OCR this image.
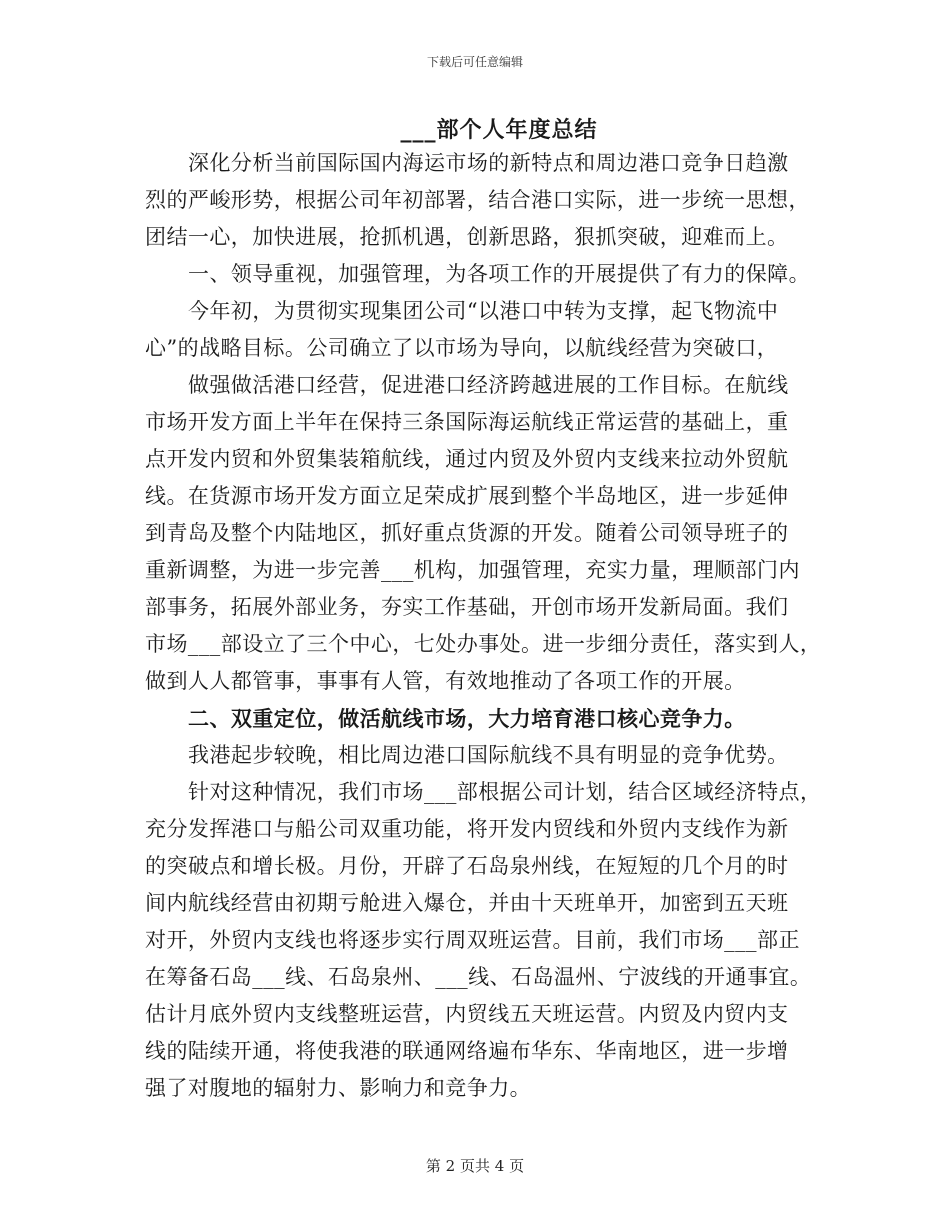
下载后可任意编辑
___部个人年度总结
深化分析当前国际国内海运市场的新特点和周边港口竞争日趋激
烈的严峻形势，根据公司年初部署，结合港口实际，进一步统一思想，
团结一心，加快进展，抢抓机遇，创新思路，狠抓突破，迎难而上。
一、领导重视，加强管理，为各项工作的开展提供了有力的保障。
今年初，为贯彻实现集团公司“以港口中转为支撑，起飞物流中
心”的战略目标。公司确立了以市场为导向，以航线经营为突破口，
做强做活港口经营，促进港口经济跨越进展的工作目标。在航线
市场开发方面上半年在保持三条国际海运航线正常运营的基础上，重
点开发内贸和外贸集装箱航线，通过内贸及外贸内支线来拉动外贸航
线。在货源市场开发方面立足荣成扩展到整个半岛地区，进一步延伸
到青岛及整个内陆地区，抓好重点货源的开发。随着公司领导班子的
重新调整，为进一步完善___机构，加强管理，充实力量，理顺部门内
部事务，拓展外部业务，夯实工作基础，开创市场开发新局面。我们
市场___部设立了三个中心，七处办事处。进一步细分责任，落实到人，
做到人人都管事，事事有人管，有效地推动了各项工作的开展。
二、双重定位，做活航线市场，大力培育港口核心竞争力。
我港起步较晚，相比周边港口国际航线不具有明显的竞争优势。
针对这种情况，我们市场___部根据公司计划，结合区域经济特点，
充分发挥港口与船公司双重功能，将开发内贸线和外贸内支线作为新
的突破点和增长极。月份，开辟了石岛泉州线，在短短的几个月的时
间内航线经营由初期亏舱进入爆仓，并由十天班单开，加密到五天班
对开，外贸内支线也将逐步实行周双班运营。目前，我们市场___部正
在筹备石岛___线、石岛泉州、___线、石岛温州、宁波线的开通事宜。
估计月底外贸内支线整班运营，内贸线五天班运营。内贸及内贸内支
线的陆续开通，将使我港的联通网络遍布华东、华南地区，进一步增
强了对腹地的辐射力、影响力和竞争力。
第 2 页共 4 页
